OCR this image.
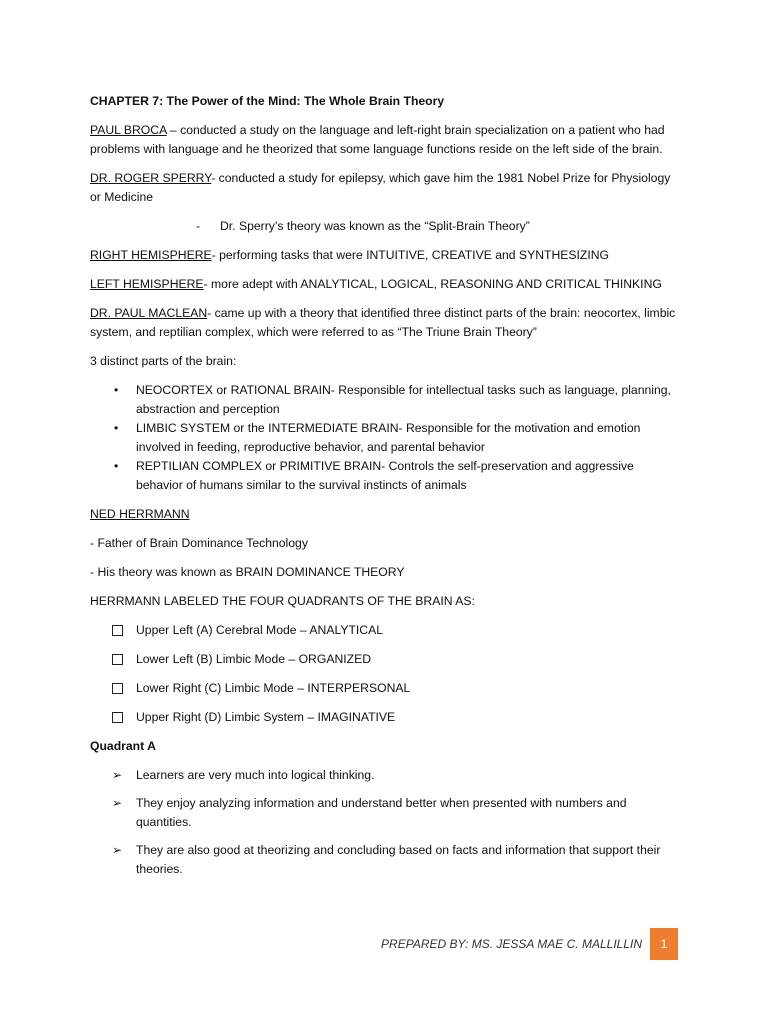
CHAPTER 7: The Power of the Mind: The Whole Brain Theory

PAUL BROCA – conducted a study on the language and left-right brain specialization on a patient who had problems with language and he theorized that some language functions reside on the left side of the brain.

DR. ROGER SPERRY- conducted a study for epilepsy, which gave him the 1981 Nobel Prize for Physiology or Medicine

- Dr. Sperry’s theory was known as the “Split-Brain Theory”

RIGHT HEMISPHERE- performing tasks that were INTUITIVE, CREATIVE and SYNTHESIZING

LEFT HEMISPHERE- more adept with ANALYTICAL, LOGICAL, REASONING AND CRITICAL THINKING

DR. PAUL MACLEAN- came up with a theory that identified three distinct parts of the brain: neocortex, limbic system, and reptilian complex, which were referred to as “The Triune Brain Theory”

3 distinct parts of the brain:

• NEOCORTEX or RATIONAL BRAIN- Responsible for intellectual tasks such as language, planning, abstraction and perception
• LIMBIC SYSTEM or the INTERMEDIATE BRAIN- Responsible for the motivation and emotion involved in feeding, reproductive behavior, and parental behavior
• REPTILIAN COMPLEX or PRIMITIVE BRAIN- Controls the self-preservation and aggressive behavior of humans similar to the survival instincts of animals

NED HERRMANN

- Father of Brain Dominance Technology

- His theory was known as BRAIN DOMINANCE THEORY

HERRMANN LABELED THE FOUR QUADRANTS OF THE BRAIN AS:

Upper Left (A) Cerebral Mode – ANALYTICAL
Lower Left (B) Limbic Mode – ORGANIZED
Lower Right (C) Limbic Mode – INTERPERSONAL
Upper Right (D) Limbic System – IMAGINATIVE

Quadrant A

➢ Learners are very much into logical thinking.
➢ They enjoy analyzing information and understand better when presented with numbers and quantities.
➢ They are also good at theorizing and concluding based on facts and information that support their theories.
PREPARED BY: MS. JESSA MAE C. MALLILLIN	1
